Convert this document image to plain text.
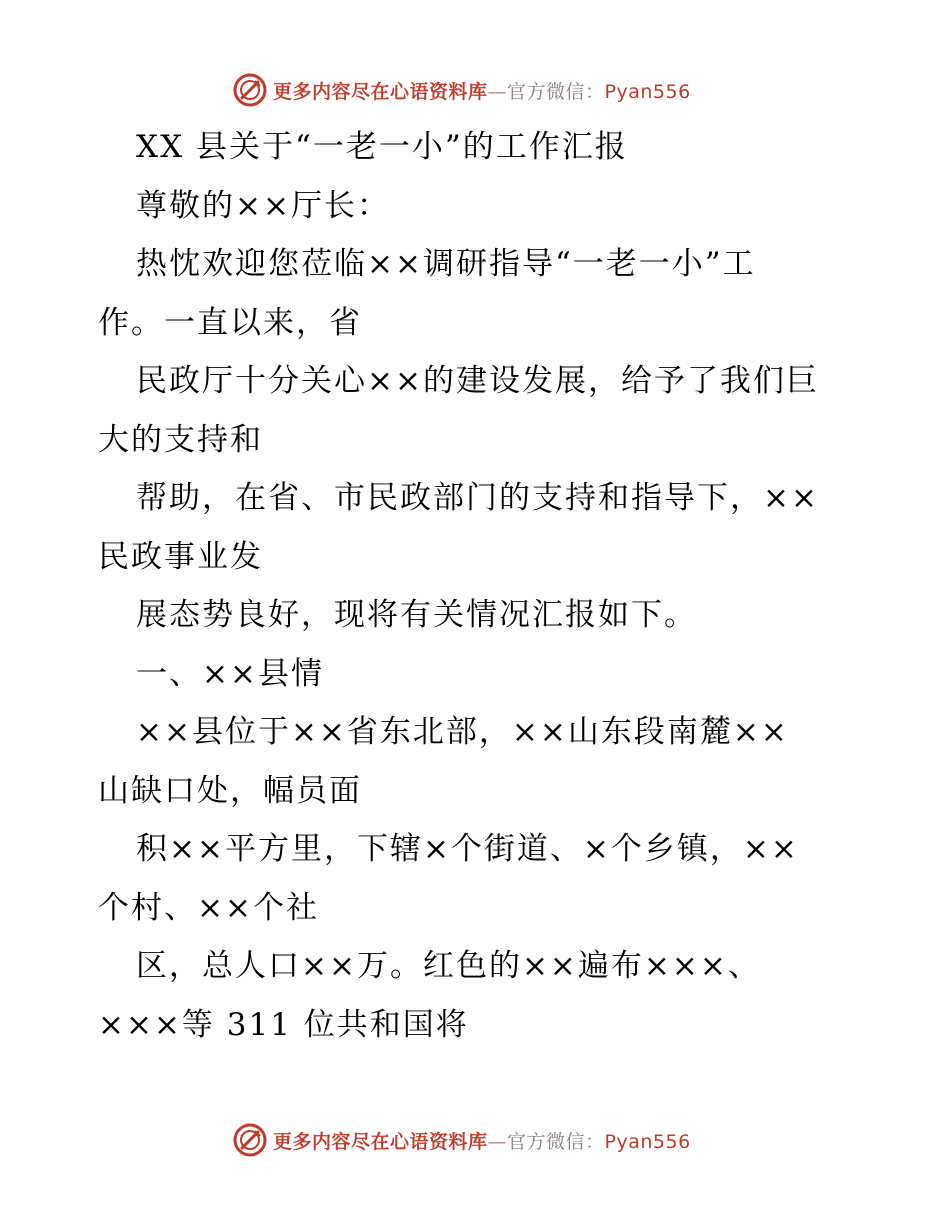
更多内容尽在心语资料库—官方微信：Pyan556
XX 县关于“一老一小”的工作汇报
尊敬的××厅长：
热忱欢迎您莅临××调研指导“一老一小”工
作。一直以来，省
民政厅十分关心××的建设发展，给予了我们巨
大的支持和
帮助，在省、市民政部门的支持和指导下，××
民政事业发
展态势良好，现将有关情况汇报如下。
一、××县情
××县位于××省东北部，××山东段南麓××
山缺口处，幅员面
积××平方里，下辖×个街道、×个乡镇，××
个村、××个社
区，总人口××万。红色的××遍布×××、
×××等 311 位共和国将
更多内容尽在心语资料库—官方微信：Pyan556
